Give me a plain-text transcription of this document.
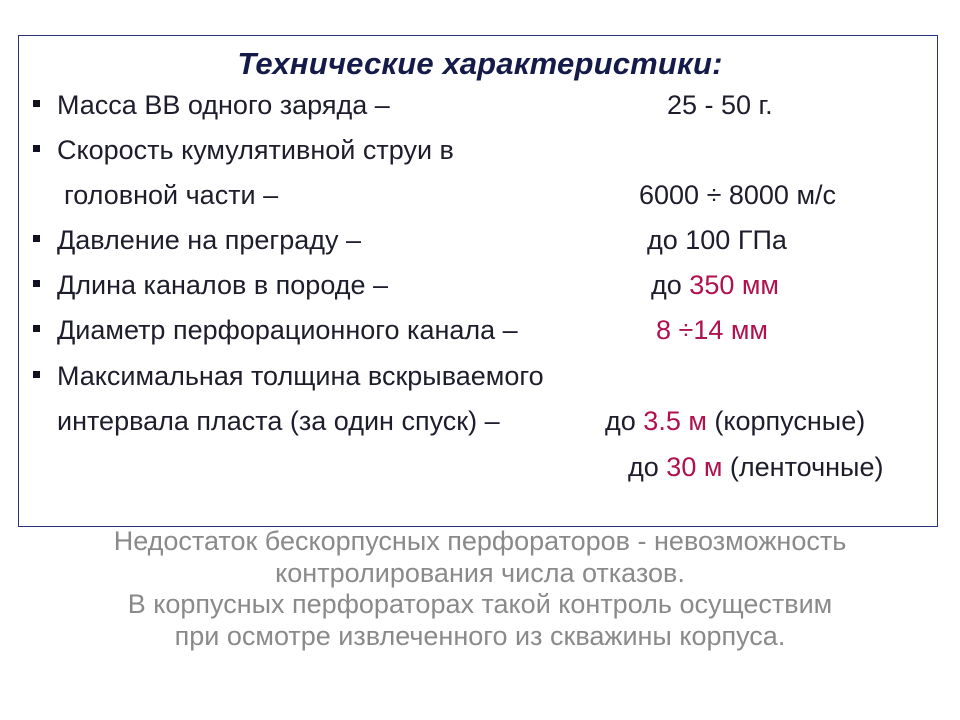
Технические характеристики:
Масса ВВ одного заряда –	25 - 50 г.
Скорость кумулятивной струи в
головной части –	6000 ÷ 8000 м/с
Давление на преграду –	до 100 ГПа
Длина каналов в породе –	до 350 мм
Диаметр перфорационного канала –	8 ÷14 мм
Максимальная толщина вскрываемого
интервала пласта (за один спуск) –	до 3.5 м (корпусные)
до 30 м (ленточные)
Недостаток бескорпусных перфораторов - невозможность
контролирования числа отказов.
В корпусных перфораторах такой контроль осуществим
при осмотре извлеченного из скважины корпуса.
